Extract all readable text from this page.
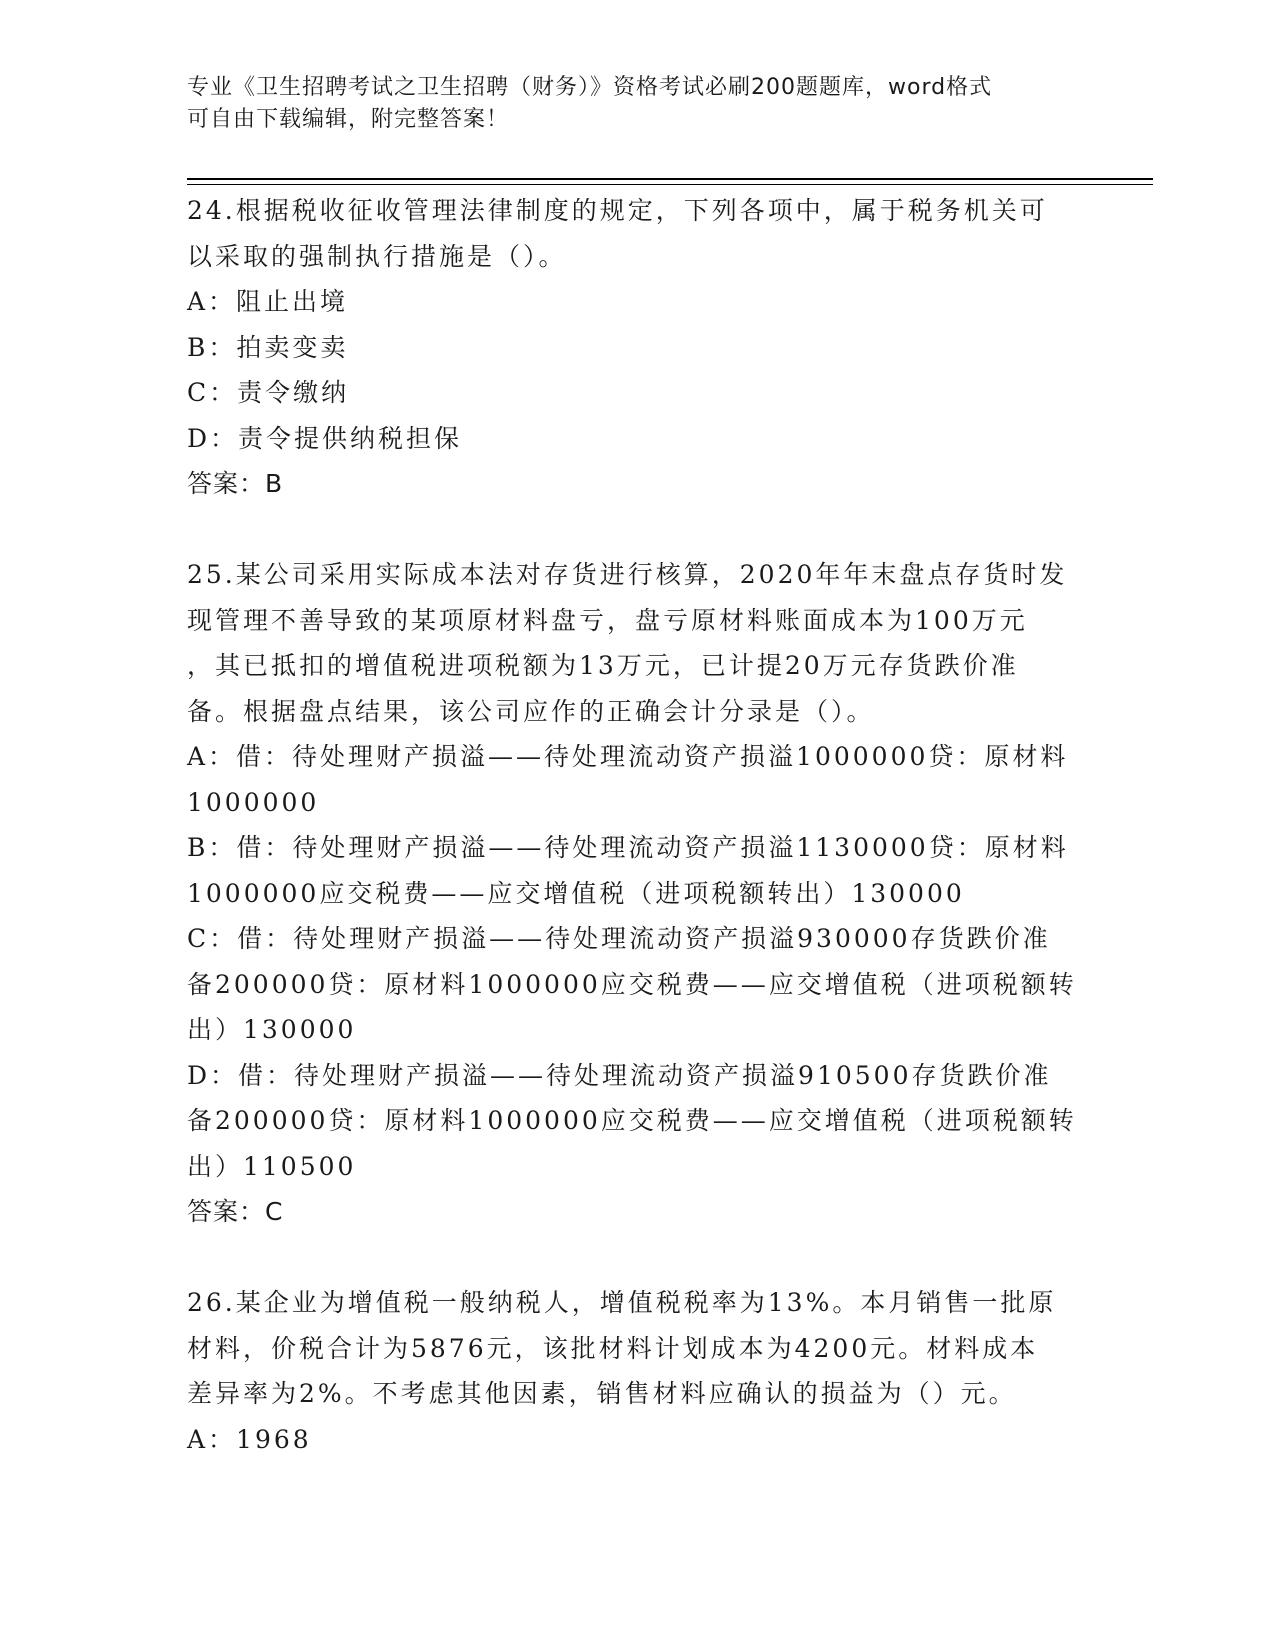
专业《卫生招聘考试之卫生招聘（财务）》资格考试必刷200题题库，word格式
可自由下载编辑，附完整答案！

24.根据税收征收管理法律制度的规定，下列各项中，属于税务机关可

以采取的强制执行措施是（）。

A：阻止出境

B：拍卖变卖

C：责令缴纳

D：责令提供纳税担保

答案：B

25.某公司采用实际成本法对存货进行核算，2020年年末盘点存货时发

现管理不善导致的某项原材料盘亏，盘亏原材料账面成本为100万元

，其已抵扣的增值税进项税额为13万元，已计提20万元存货跌价准

备。根据盘点结果，该公司应作的正确会计分录是（）。

A：借：待处理财产损溢——待处理流动资产损溢1000000贷：原材料

1000000

B：借：待处理财产损溢——待处理流动资产损溢1130000贷：原材料

1000000应交税费——应交增值税（进项税额转出）130000

C：借：待处理财产损溢——待处理流动资产损溢930000存货跌价准

备200000贷：原材料1000000应交税费——应交增值税（进项税额转

出）130000

D：借：待处理财产损溢——待处理流动资产损溢910500存货跌价准

备200000贷：原材料1000000应交税费——应交增值税（进项税额转

出）110500

答案：C

26.某企业为增值税一般纳税人，增值税税率为13%。本月销售一批原

材料，价税合计为5876元，该批材料计划成本为4200元。材料成本

差异率为2%。不考虑其他因素，销售材料应确认的损益为（）元。

A：1968
